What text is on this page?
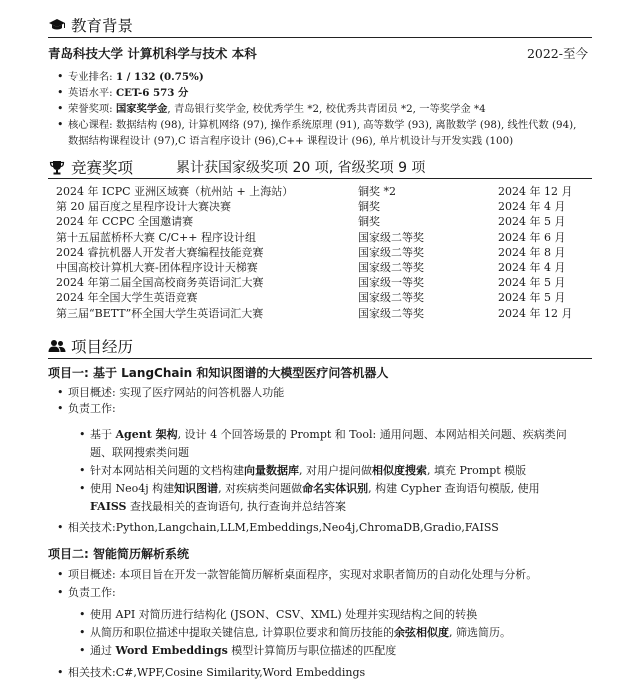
教育背景
青岛科技大学 计算机科学与技术 本科	2022-至今
• 专业排名: 1 / 132 (0.75%)
• 英语水平: CET-6 573 分
• 荣誉奖项: 国家奖学金, 青岛银行奖学金, 校优秀学生 *2, 校优秀共青团员 *2, 一等奖学金 *4
• 核心课程: 数据结构 (98), 计算机网络 (97), 操作系统原理 (91), 高等数学 (93), 离散数学 (98), 线性代数 (94),
数据结构课程设计 (97),C 语言程序设计 (96),C++ 课程设计 (96), 单片机设计与开发实践 (100)
竞赛奖项	累计获国家级奖项 20 项, 省级奖项 9 项
2024 年 ICPC 亚洲区域赛（杭州站 + 上海站）	铜奖 *2	2024 年 12 月
第 20 届百度之星程序设计大赛决赛	铜奖	2024 年 4 月
2024 年 CCPC 全国邀请赛	铜奖	2024 年 5 月
第十五届蓝桥杯大赛 C/C++ 程序设计组	国家级二等奖	2024 年 6 月
2024 睿抗机器人开发者大赛编程技能竞赛	国家级二等奖	2024 年 8 月
中国高校计算机大赛-团体程序设计天梯赛	国家级二等奖	2024 年 4 月
2024 年第二届全国高校商务英语词汇大赛	国家级一等奖	2024 年 5 月
2024 年全国大学生英语竞赛	国家级二等奖	2024 年 5 月
第三届“BETT”杯全国大学生英语词汇大赛	国家级二等奖	2024 年 12 月
项目经历
项目一: 基于 LangChain 和知识图谱的大模型医疗问答机器人
• 项目概述: 实现了医疗网站的问答机器人功能
• 负责工作:
• 基于 Agent 架构, 设计 4 个回答场景的 Prompt 和 Tool: 通用问题、本网站相关问题、疾病类问
题、联网搜索类问题
• 针对本网站相关问题的文档构建向量数据库, 对用户提问做相似度搜索, 填充 Prompt 模版
• 使用 Neo4j 构建知识图谱, 对疾病类问题做命名实体识别, 构建 Cypher 查询语句模版, 使用
FAISS 查找最相关的查询语句, 执行查询并总结答案
• 相关技术:Python,Langchain,LLM,Embeddings,Neo4j,ChromaDB,Gradio,FAISS
项目二: 智能简历解析系统
• 项目概述: 本项目旨在开发一款智能简历解析桌面程序，实现对求职者简历的自动化处理与分析。
• 负责工作:
• 使用 API 对简历进行结构化 (JSON、CSV、XML) 处理并实现结构之间的转换
• 从简历和职位描述中提取关键信息, 计算职位要求和简历技能的余弦相似度, 筛选简历。
• 通过 Word Embeddings 模型计算简历与职位描述的匹配度
• 相关技术:C#,WPF,Cosine Similarity,Word Embeddings
